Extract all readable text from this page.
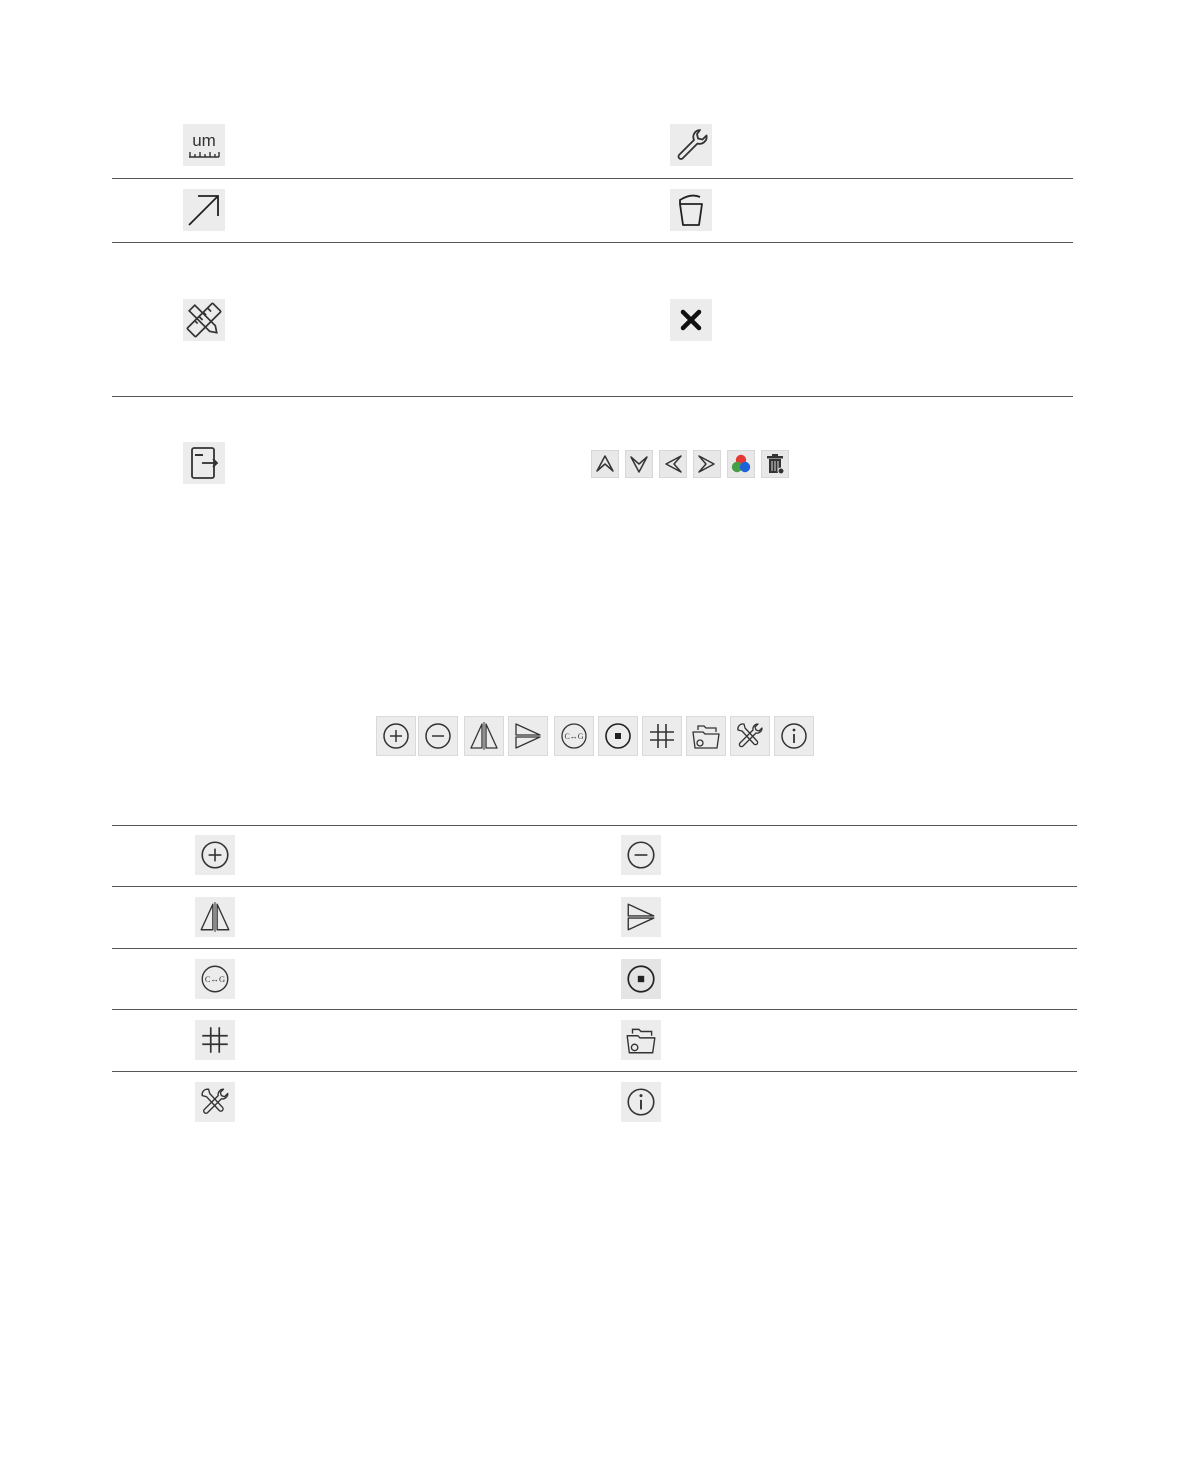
um
C↔G
C↔G
